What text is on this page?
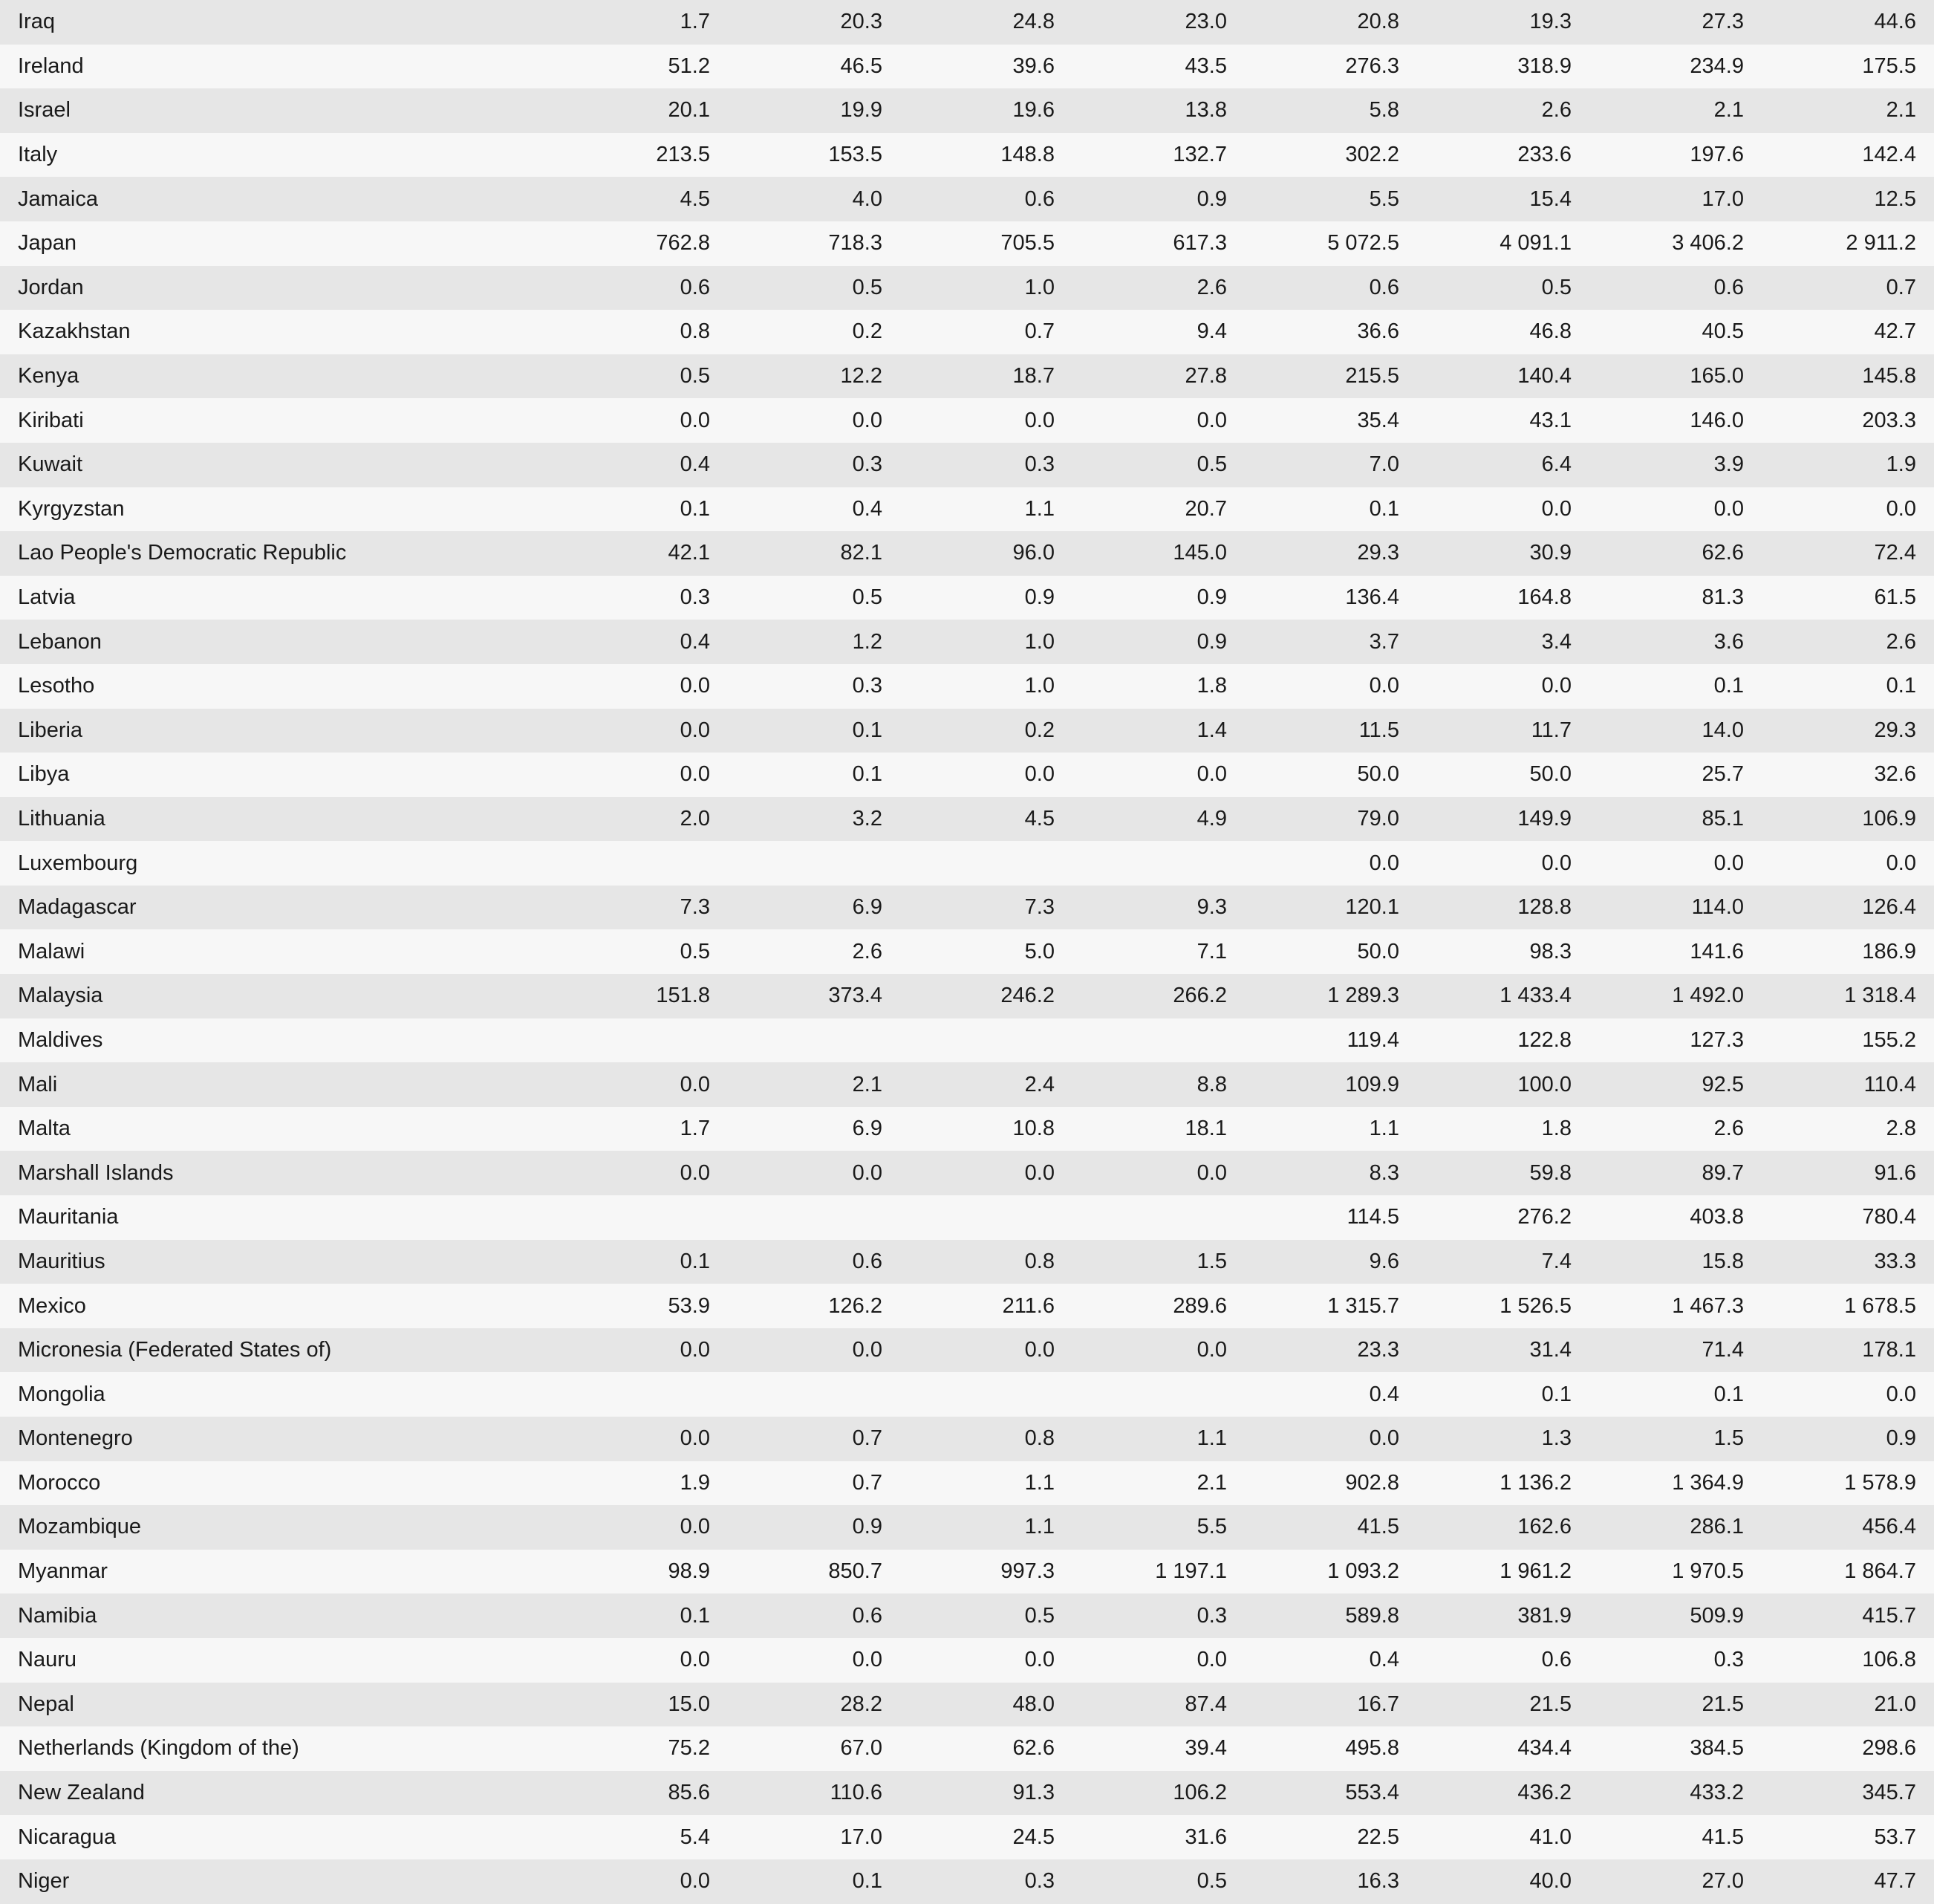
Iraq	1.7	20.3	24.8	23.0	20.8	19.3	27.3	44.6
Ireland	51.2	46.5	39.6	43.5	276.3	318.9	234.9	175.5
Israel	20.1	19.9	19.6	13.8	5.8	2.6	2.1	2.1
Italy	213.5	153.5	148.8	132.7	302.2	233.6	197.6	142.4
Jamaica	4.5	4.0	0.6	0.9	5.5	15.4	17.0	12.5
Japan	762.8	718.3	705.5	617.3	5 072.5	4 091.1	3 406.2	2 911.2
Jordan	0.6	0.5	1.0	2.6	0.6	0.5	0.6	0.7
Kazakhstan	0.8	0.2	0.7	9.4	36.6	46.8	40.5	42.7
Kenya	0.5	12.2	18.7	27.8	215.5	140.4	165.0	145.8
Kiribati	0.0	0.0	0.0	0.0	35.4	43.1	146.0	203.3
Kuwait	0.4	0.3	0.3	0.5	7.0	6.4	3.9	1.9
Kyrgyzstan	0.1	0.4	1.1	20.7	0.1	0.0	0.0	0.0
Lao People's Democratic Republic	42.1	82.1	96.0	145.0	29.3	30.9	62.6	72.4
Latvia	0.3	0.5	0.9	0.9	136.4	164.8	81.3	61.5
Lebanon	0.4	1.2	1.0	0.9	3.7	3.4	3.6	2.6
Lesotho	0.0	0.3	1.0	1.8	0.0	0.0	0.1	0.1
Liberia	0.0	0.1	0.2	1.4	11.5	11.7	14.0	29.3
Libya	0.0	0.1	0.0	0.0	50.0	50.0	25.7	32.6
Lithuania	2.0	3.2	4.5	4.9	79.0	149.9	85.1	106.9
Luxembourg					0.0	0.0	0.0	0.0
Madagascar	7.3	6.9	7.3	9.3	120.1	128.8	114.0	126.4
Malawi	0.5	2.6	5.0	7.1	50.0	98.3	141.6	186.9
Malaysia	151.8	373.4	246.2	266.2	1 289.3	1 433.4	1 492.0	1 318.4
Maldives					119.4	122.8	127.3	155.2
Mali	0.0	2.1	2.4	8.8	109.9	100.0	92.5	110.4
Malta	1.7	6.9	10.8	18.1	1.1	1.8	2.6	2.8
Marshall Islands	0.0	0.0	0.0	0.0	8.3	59.8	89.7	91.6
Mauritania					114.5	276.2	403.8	780.4
Mauritius	0.1	0.6	0.8	1.5	9.6	7.4	15.8	33.3
Mexico	53.9	126.2	211.6	289.6	1 315.7	1 526.5	1 467.3	1 678.5
Micronesia (Federated States of)	0.0	0.0	0.0	0.0	23.3	31.4	71.4	178.1
Mongolia					0.4	0.1	0.1	0.0
Montenegro	0.0	0.7	0.8	1.1	0.0	1.3	1.5	0.9
Morocco	1.9	0.7	1.1	2.1	902.8	1 136.2	1 364.9	1 578.9
Mozambique	0.0	0.9	1.1	5.5	41.5	162.6	286.1	456.4
Myanmar	98.9	850.7	997.3	1 197.1	1 093.2	1 961.2	1 970.5	1 864.7
Namibia	0.1	0.6	0.5	0.3	589.8	381.9	509.9	415.7
Nauru	0.0	0.0	0.0	0.0	0.4	0.6	0.3	106.8
Nepal	15.0	28.2	48.0	87.4	16.7	21.5	21.5	21.0
Netherlands (Kingdom of the)	75.2	67.0	62.6	39.4	495.8	434.4	384.5	298.6
New Zealand	85.6	110.6	91.3	106.2	553.4	436.2	433.2	345.7
Nicaragua	5.4	17.0	24.5	31.6	22.5	41.0	41.5	53.7
Niger	0.0	0.1	0.3	0.5	16.3	40.0	27.0	47.7
